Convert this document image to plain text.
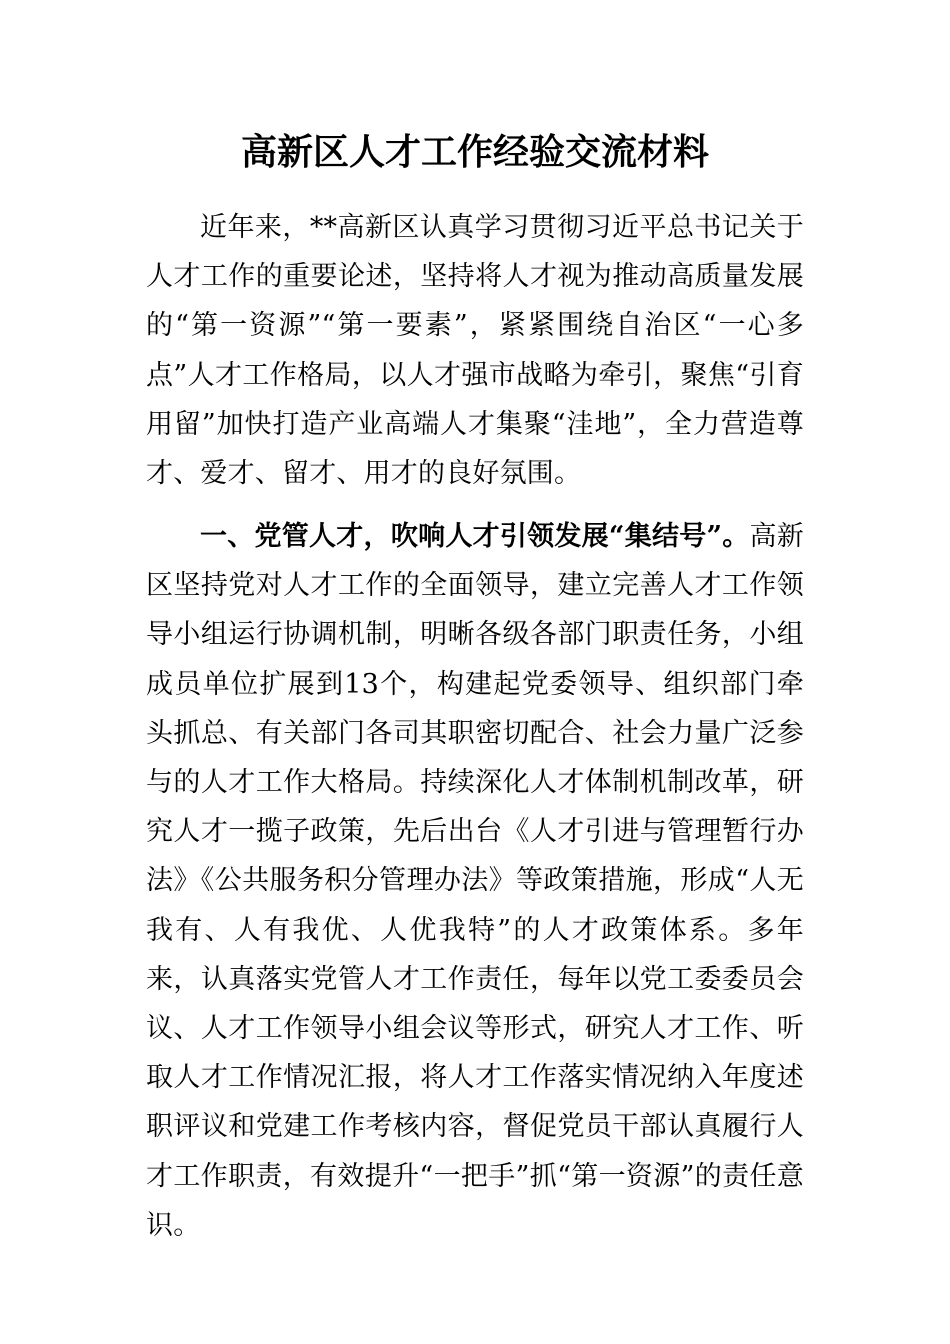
高新区人才工作经验交流材料

近年来，**高新区认真学习贯彻习近平总书记关于人才工作的重要论述，坚持将人才视为推动高质量发展的“第一资源”“第一要素”，紧紧围绕自治区“一心多点”人才工作格局，以人才强市战略为牵引，聚焦“引育用留”加快打造产业高端人才集聚“洼地”，全力营造尊才、爱才、留才、用才的良好氛围。

一、党管人才，吹响人才引领发展“集结号”。高新区坚持党对人才工作的全面领导，建立完善人才工作领导小组运行协调机制，明晰各级各部门职责任务，小组成员单位扩展到13个，构建起党委领导、组织部门牵头抓总、有关部门各司其职密切配合、社会力量广泛参与的人才工作大格局。持续深化人才体制机制改革，研究人才一揽子政策，先后出台《人才引进与管理暂行办法》《公共服务积分管理办法》等政策措施，形成“人无我有、人有我优、人优我特”的人才政策体系。多年来，认真落实党管人才工作责任，每年以党工委委员会议、人才工作领导小组会议等形式，研究人才工作、听取人才工作情况汇报，将人才工作落实情况纳入年度述职评议和党建工作考核内容，督促党员干部认真履行人才工作职责，有效提升“一把手”抓“第一资源”的责任意识。
